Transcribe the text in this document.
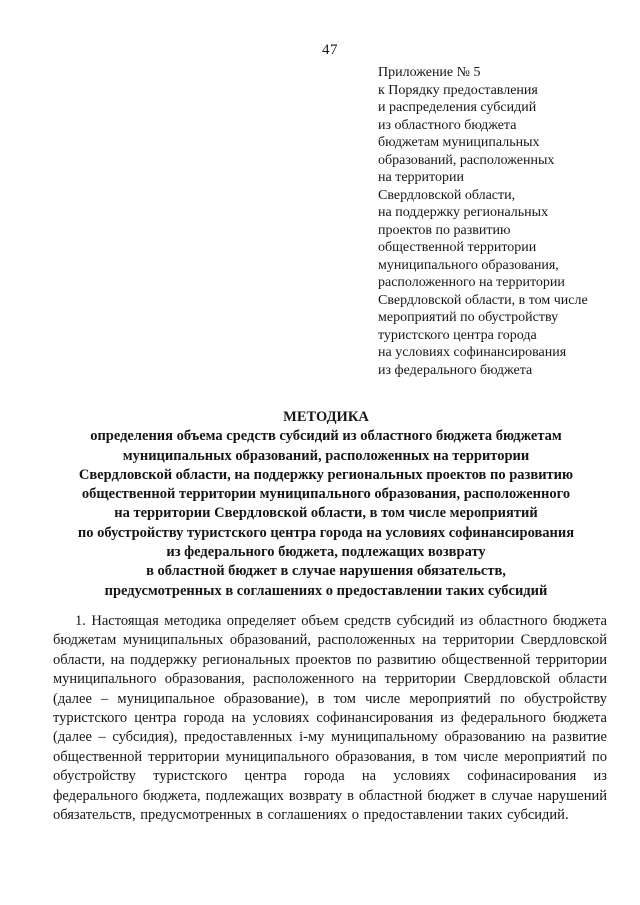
47
Приложение № 5
к Порядку предоставления
и распределения субсидий
из областного бюджета
бюджетам муниципальных
образований, расположенных
на территории
Свердловской области,
на поддержку региональных
проектов по развитию
общественной территории
муниципального образования,
расположенного на территории
Свердловской области, в том числе
мероприятий по обустройству
туристского центра города
на условиях софинансирования
из федерального бюджета
МЕТОДИКА
определения объема средств субсидий из областного бюджета бюджетам
муниципальных образований, расположенных на территории
Свердловской области, на поддержку региональных проектов по развитию
общественной территории муниципального образования, расположенного
на территории Свердловской области, в том числе мероприятий
по обустройству туристского центра города на условиях софинансирования
из федерального бюджета, подлежащих возврату
в областной бюджет в случае нарушения обязательств,
предусмотренных в соглашениях о предоставлении таких субсидий

1. Настоящая методика определяет объем средств субсидий из областного бюджета бюджетам муниципальных образований, расположенных на территории Свердловской области, на поддержку региональных проектов по развитию общественной территории муниципального образования, расположенного на территории Свердловской области (далее – муниципальное образование), в том числе мероприятий по обустройству туристского центра города на условиях софинансирования из федерального бюджета (далее – субсидия), предоставленных i-му муниципальному образованию на развитие общественной территории муниципального образования, в том числе мероприятий по обустройству туристского центра города на условиях софинасирования из федерального бюджета, подлежащих возврату в областной бюджет в случае нарушений обязательств, предусмотренных в соглашениях о предоставлении таких субсидий.
